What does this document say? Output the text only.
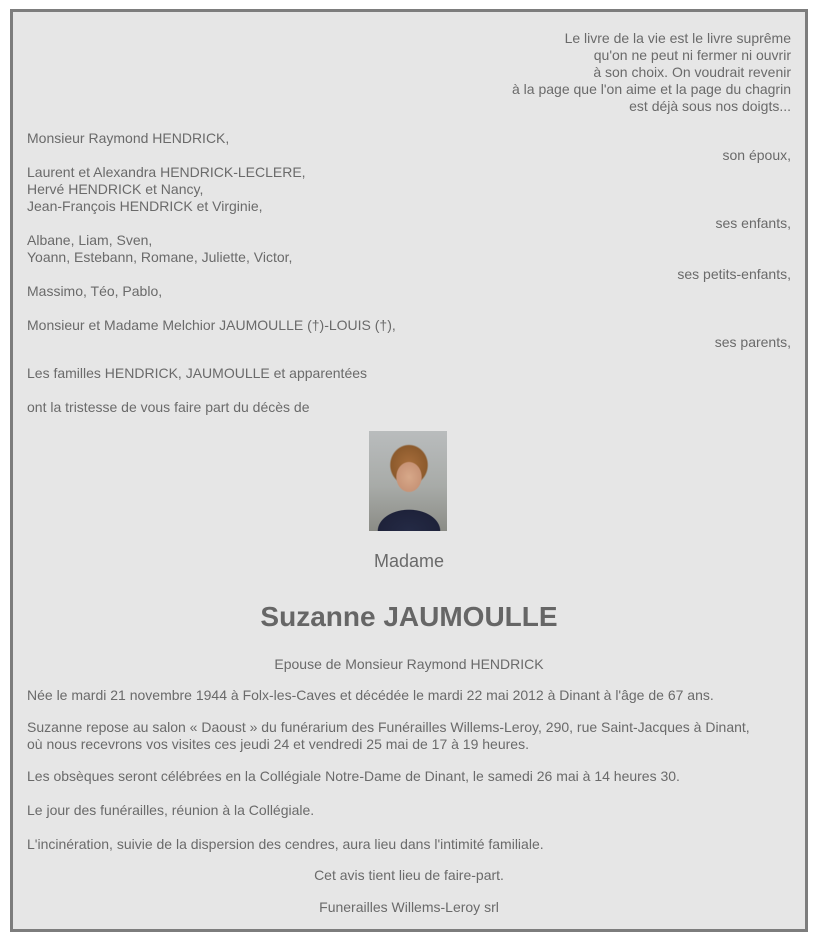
Le livre de la vie est le livre suprême
qu'on ne peut ni fermer ni ouvrir
à son choix. On voudrait revenir
à la page que l'on aime et la page du chagrin
est déjà sous nos doigts...
Monsieur Raymond HENDRICK,
son époux,
Laurent et Alexandra HENDRICK-LECLERE,
Hervé HENDRICK et Nancy,
Jean-François HENDRICK et Virginie,
ses enfants,
Albane, Liam, Sven,
Yoann, Estebann, Romane, Juliette, Victor,
ses petits-enfants,
Massimo, Téo, Pablo,
Monsieur et Madame Melchior JAUMOULLE (†)-LOUIS (†),
ses parents,
Les familles HENDRICK, JAUMOULLE et apparentées
ont la tristesse de vous faire part du décès de
Madame
Suzanne JAUMOULLE
Epouse de Monsieur Raymond HENDRICK
Née le mardi 21 novembre 1944 à Folx-les-Caves et décédée le mardi 22 mai 2012 à Dinant à l'âge de 67 ans.
Suzanne repose au salon « Daoust » du funérarium des Funérailles Willems-Leroy, 290, rue Saint-Jacques à Dinant,
où nous recevrons vos visites ces jeudi 24 et vendredi 25 mai de 17 à 19 heures.
Les obsèques seront célébrées en la Collégiale Notre-Dame de Dinant, le samedi 26 mai à 14 heures 30.
Le jour des funérailles, réunion à la Collégiale.
L'incinération, suivie de la dispersion des cendres, aura lieu dans l'intimité familiale.
Cet avis tient lieu de faire-part.
Funerailles Willems-Leroy srl
